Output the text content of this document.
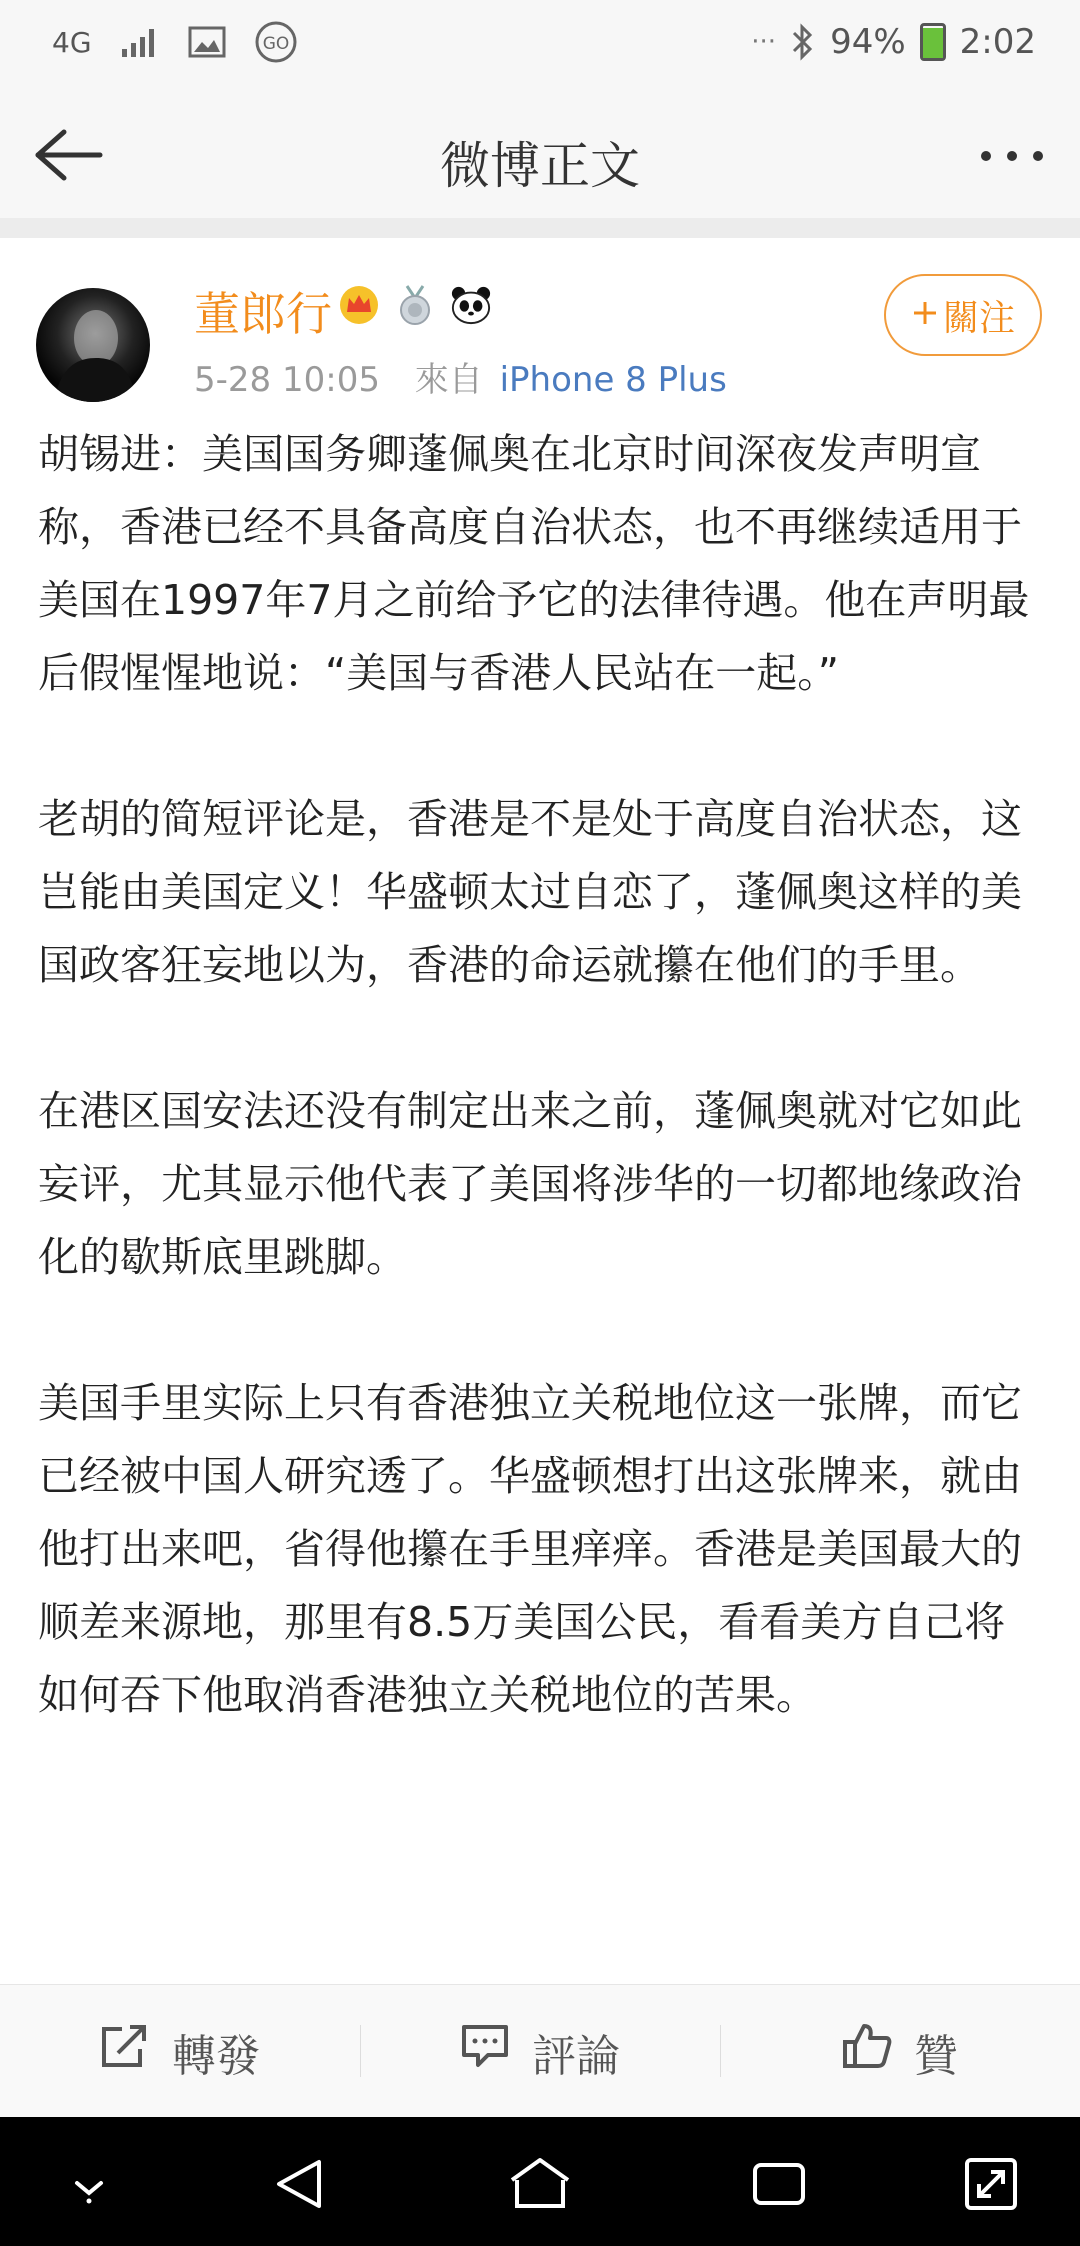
4G	GO	··· 94% 2:02
微博正文
董郎行
5-28 10:05 來自 iPhone 8 Plus
關注

胡锡进：美国国务卿蓬佩奥在北京时间深夜发声明宣称，香港已经不具备高度自治状态，也不再继续适用于美国在1997年7月之前给予它的法律待遇。他在声明最后假惺惺地说：“美国与香港人民站在一起。”

老胡的简短评论是，香港是不是处于高度自治状态，这岂能由美国定义！华盛顿太过自恋了，蓬佩奥这样的美国政客狂妄地以为，香港的命运就攥在他们的手里。

在港区国安法还没有制定出来之前，蓬佩奥就对它如此妄评，尤其显示他代表了美国将涉华的一切都地缘政治化的歇斯底里跳脚。

美国手里实际上只有香港独立关税地位这一张牌，而它已经被中国人研究透了。华盛顿想打出这张牌来，就由他打出来吧，省得他攥在手里痒痒。香港是美国最大的顺差来源地，那里有8.5万美国公民，看看美方自己将如何吞下他取消香港独立关税地位的苦果。

轉發	評論	贊
